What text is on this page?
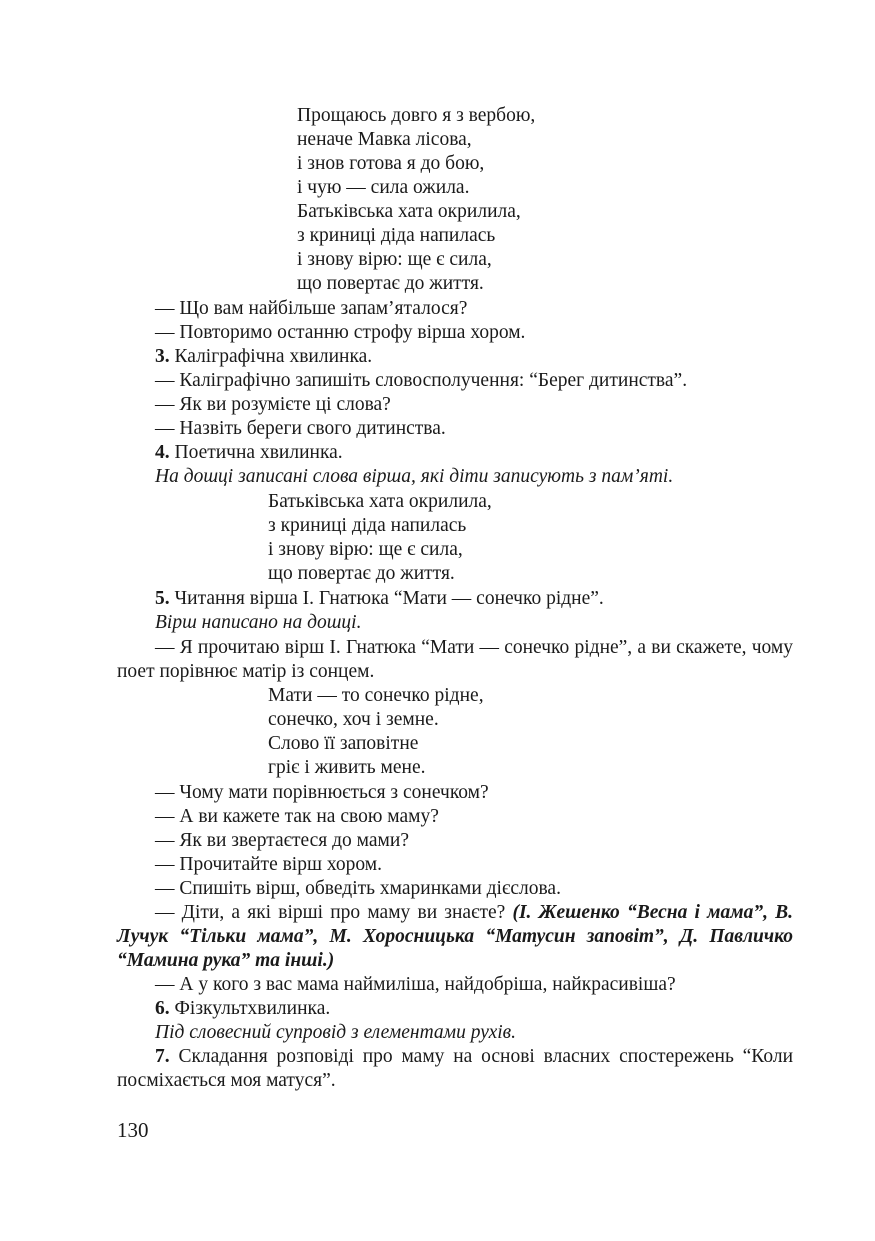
Прощаюсь довго я з вербою,
неначе Мавка лісова,
і знов готова я до бою,
і чую — сила ожила.
Батьківська хата окрилила,
з криниці діда напилась
і знову вірю: ще є сила,
що повертає до життя.
— Що вам найбільше запам’яталося?
— Повторимо останню строфу вірша хором.
3. Каліграфічна хвилинка.
— Каліграфічно запишіть словосполучення: “Берег дитинства”.
— Як ви розумієте ці слова?
— Назвіть береги свого дитинства.
4. Поетична хвилинка.
На дошці записані слова вірша, які діти записують з пам’яті.
Батьківська хата окрилила,
з криниці діда напилась
і знову вірю: ще є сила,
що повертає до життя.
5. Читання вірша І. Гнатюка “Мати — сонечко рідне”.
Вірш написано на дошці.
— Я прочитаю вірш І. Гнатюка “Мати — сонечко рідне”, а ви скажете, чому поет порівнює матір із сонцем.
Мати — то сонечко рідне,
сонечко, хоч і земне.
Слово її заповітне
гріє і живить мене.
— Чому мати порівнюється з сонечком?
— А ви кажете так на свою маму?
— Як ви звертаєтеся до мами?
— Прочитайте вірш хором.
— Спишіть вірш, обведіть хмаринками дієслова.
— Діти, а які вірші про маму ви знаєте? (І. Жешенко “Весна і мама”, В. Лучук “Тільки мама”, М. Хоросницька “Матусин заповіт”, Д. Павличко “Мамина рука” та інші.)
— А у кого з вас мама наймиліша, найдобріша, найкрасивіша?
6. Фізкультхвилинка.
Під словесний супровід з елементами рухів.
7. Складання розповіді про маму на основі власних спостережень “Коли посміхається моя матуся”.
130
